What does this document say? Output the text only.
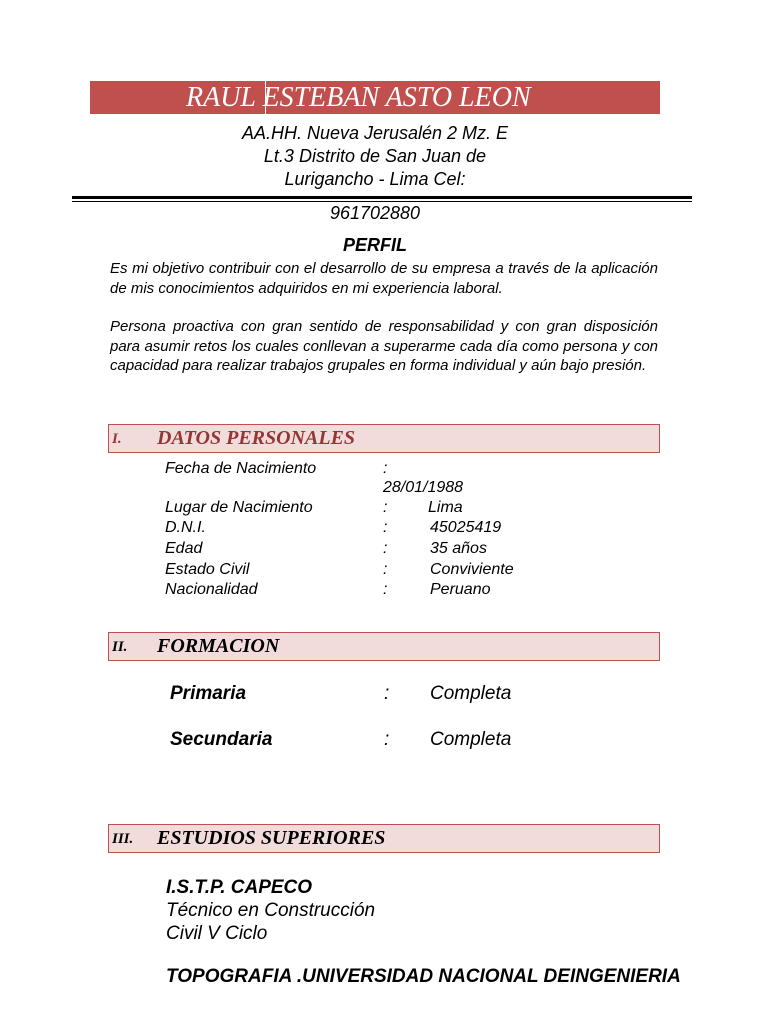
RAUL ESTEBAN ASTO LEON
AA.HH. Nueva Jerusalén 2 Mz. E
Lt.3 Distrito de San Juan de
Lurigancho - Lima Cel:
961702880
PERFIL
Es mi objetivo contribuir con el desarrollo de su empresa a través de la aplicación de mis conocimientos adquiridos en mi experiencia laboral.
Persona proactiva con gran sentido de responsabilidad y con gran disposición para asumir retos los cuales conllevan a superarme cada día como persona y con capacidad para realizar trabajos grupales en forma individual y aún bajo presión.
I. DATOS PERSONALES
Fecha de Nacimiento	:
28/01/1988
Lugar de Nacimiento	:	Lima
D.N.I.	:	45025419
Edad	:	35 años
Estado Civil	:	Conviviente
Nacionalidad	:	Peruano
II. FORMACION
Primaria	: Completa
Secundaria	: Completa
III. ESTUDIOS SUPERIORES
I.S.T.P. CAPECO
Técnico en Construcción
Civil V Ciclo
TOPOGRAFIA .UNIVERSIDAD NACIONAL DEINGENIERIA
